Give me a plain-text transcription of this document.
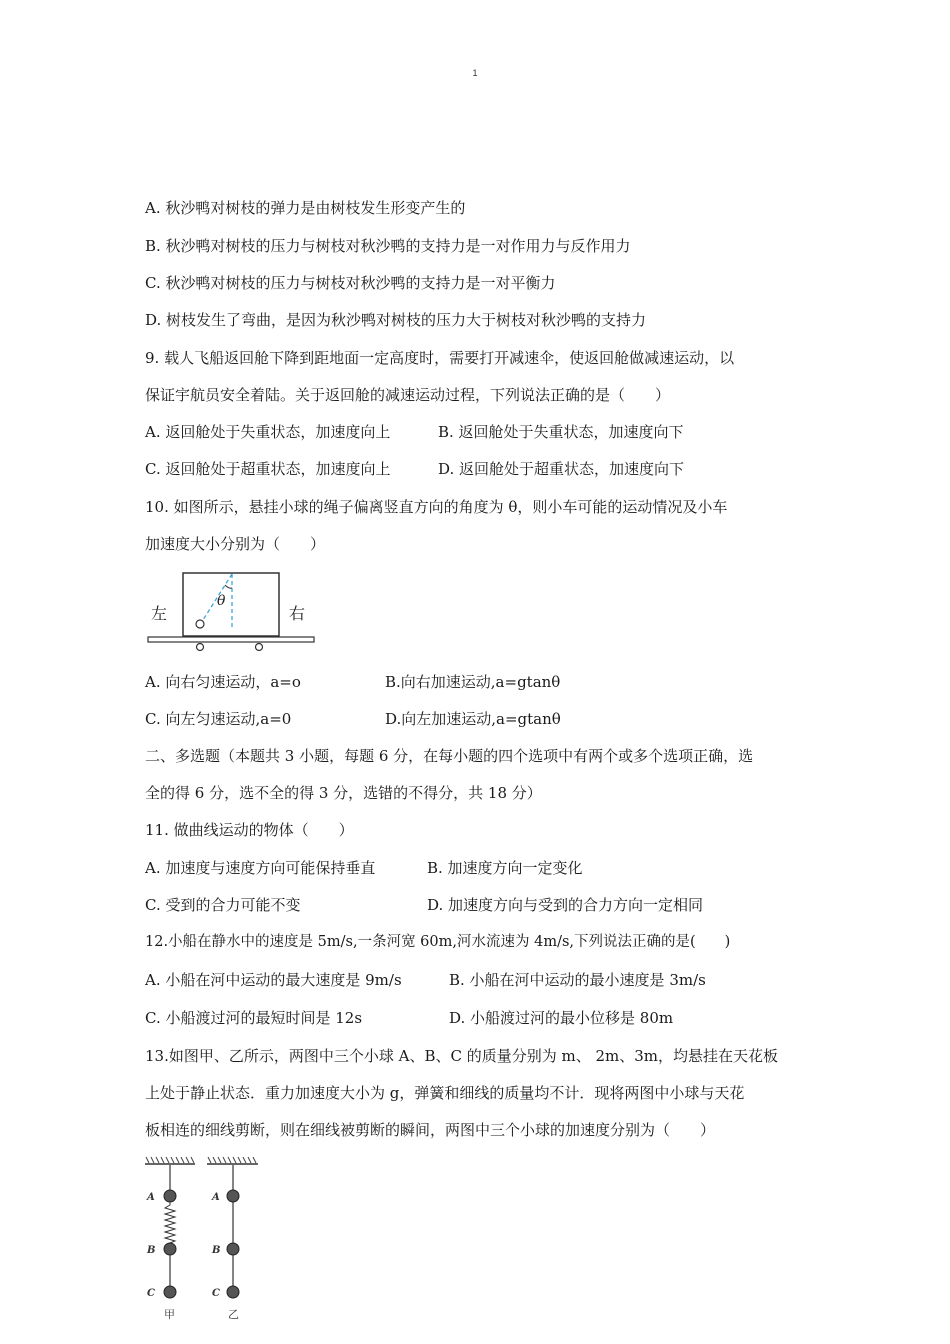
1
A. 秋沙鸭对树枝的弹力是由树枝发生形变产生的
B. 秋沙鸭对树枝的压力与树枝对秋沙鸭的支持力是一对作用力与反作用力
C. 秋沙鸭对树枝的压力与树枝对秋沙鸭的支持力是一对平衡力
D. 树枝发生了弯曲，是因为秋沙鸭对树枝的压力大于树枝对秋沙鸭的支持力
9. 载人飞船返回舱下降到距地面一定高度时，需要打开减速伞，使返回舱做减速运动，以
保证宇航员安全着陆。关于返回舱的减速运动过程，下列说法正确的是（　　）
A. 返回舱处于失重状态，加速度向上	B. 返回舱处于失重状态，加速度向下
C. 返回舱处于超重状态，加速度向上	D. 返回舱处于超重状态，加速度向下
10. 如图所示，悬挂小球的绳子偏离竖直方向的角度为 θ，则小车可能的运动情况及小车
加速度大小分别为（　　）
θ
左	右
A. 向右匀速运动，a=o	B.向右加速运动,a=gtanθ
C. 向左匀速运动,a=0	D.向左加速运动,a=gtanθ
二、多选题（本题共 3 小题，每题 6 分，在每小题的四个选项中有两个或多个选项正确，选
全的得 6 分，选不全的得 3 分，选错的不得分，共 18 分）
11. 做曲线运动的物体（　　）
A. 加速度与速度方向可能保持垂直	B. 加速度方向一定变化
C. 受到的合力可能不变	D. 加速度方向与受到的合力方向一定相同
12.小船在静水中的速度是 5m/s,一条河宽 60m,河水流速为 4m/s,下列说法正确的是(　　)
A. 小船在河中运动的最大速度是 9m/s	B. 小船在河中运动的最小速度是 3m/s
C. 小船渡过河的最短时间是 12s	D. 小船渡过河的最小位移是 80m
13.如图甲、乙所示，两图中三个小球 A、B、C 的质量分别为 m、 2m、3m，均悬挂在天花板
上处于静止状态．重力加速度大小为 g，弹簧和细线的质量均不计．现将两图中小球与天花
板相连的细线剪断，则在细线被剪断的瞬间，两图中三个小球的加速度分别为（　　）
A
B
C
A
B
C
甲	乙
